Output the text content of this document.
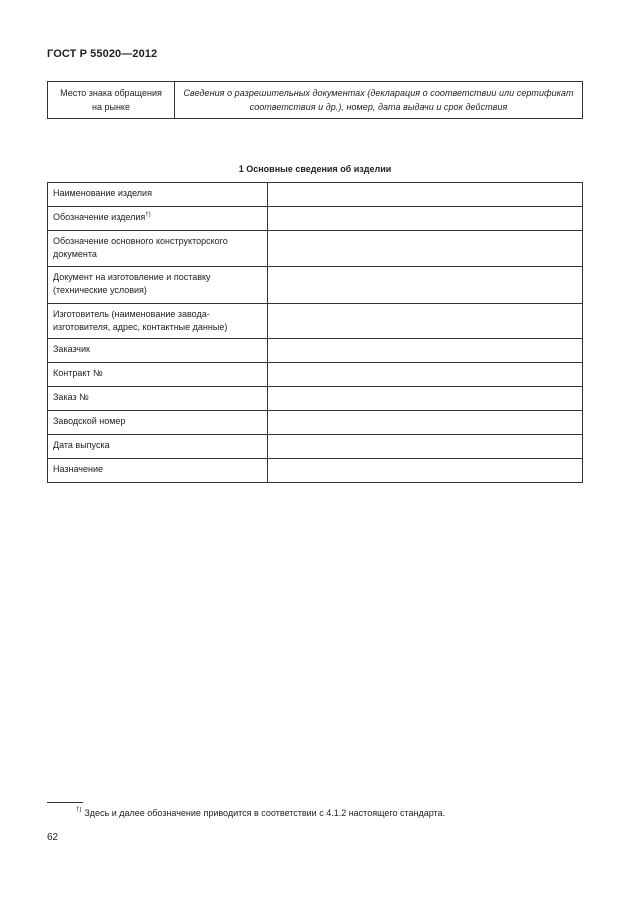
ГОСТ Р 55020—2012
Место знака обращения на рынке	Сведения о разрешительных документах (декларация о соответствии или сертификат соответствия и др.), номер, дата выдачи и срок действия
1 Основные сведения об изделии
Наименование изделия	
Обозначение изделия†)	
Обозначение основного конструкторского документа	
Документ на изготовление и поставку (технические условия)	
Изготовитель (наименование завода-изготовителя, адрес, контактные данные)	
Заказчик	
Контракт №	
Заказ №	
Заводской номер	
Дата выпуска	
Назначение	
†) Здесь и далее обозначение приводится в соответствии с 4.1.2 настоящего стандарта.
62
